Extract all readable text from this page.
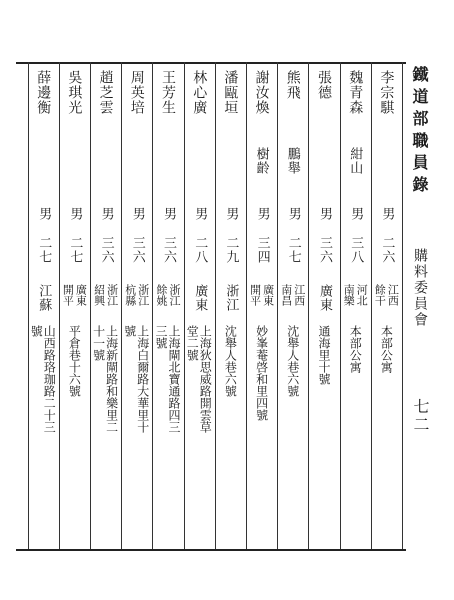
鐵道部職員錄
購料委員會
七二
李宗騏
男
二六
江西
餘干
本部公寓
魏青森
紺山
男
三八
河北
南樂
本部公寓
張德
男
三六
廣東
通海里十號
熊飛
鵬舉
男
二七
江西
南昌
沈舉人巷六號
謝汝煥
樹齡
男
三四
廣東
開平
妙峯菴啓和里四號
潘甌垣
男
二九
浙江
沈舉人巷六號
林心廣
男
二八
廣東
上海狄思威路開雲草
堂二號
王芳生
男
三六
浙江
餘姚
上海閘北寶通路四三
三號
周英培
男
三六
浙江
杭縣
上海白爾路大華里十
號
趙芝雲
男
三六
浙江
紹興
上海新閘路和樂里二
十一號
吳琪光
男
二七
廣東
開平
平倉巷十六號
薛邊衡
男
二七
江蘇
山西路珞珈路二十三
號
